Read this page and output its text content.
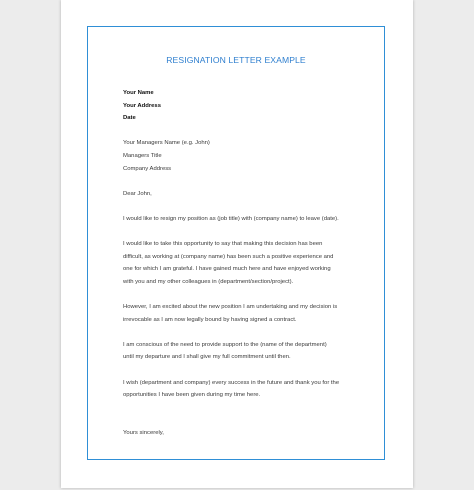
RESIGNATION LETTER EXAMPLE
Your Name
Your Address
Date
Your Managers Name (e.g. John)
Managers Title
Company Address
Dear John,
I would like to resign my position as (job title) with (company name) to leave (date).
I would like to take this opportunity to say that making this decision has been
difficult, as working at (company name) has been such a positive experience and
one for which I am grateful. I have gained much here and have enjoyed working
with you and my other colleagues in (department/section/project).
However, I am excited about the new position I am undertaking and my decision is
irrevocable as I am now legally bound by having signed a contract.
I am conscious of the need to provide support to the (name of the department)
until my departure and I shall give my full commitment until then.
I wish (department and company) every success in the future and thank you for the
opportunities I have been given during my time here.
Yours sincerely,
